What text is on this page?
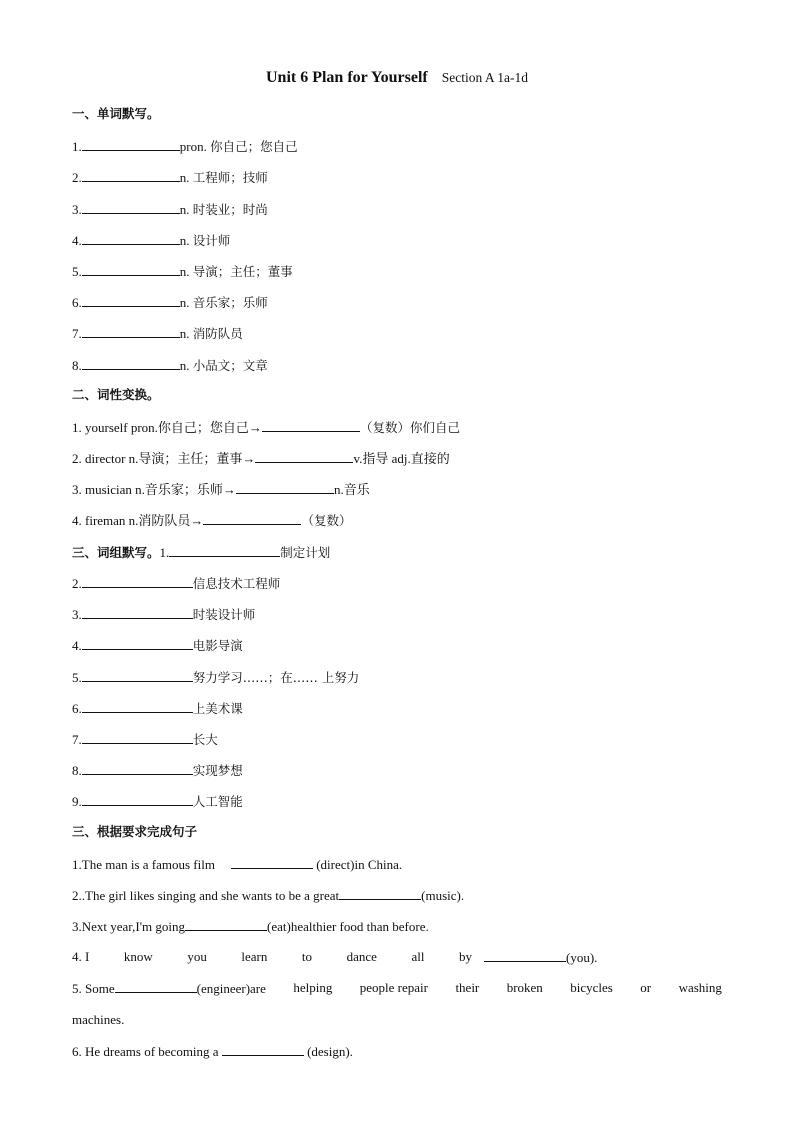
Unit 6 Plan for Yourself Section A 1a-1d
一、单词默写。
1.	pron. 你自己；您自己
2.	n. 工程师；技师
3.	n. 时装业；时尚
4.	n. 设计师
5.	n. 导演；主任；董事
6.	n. 音乐家；乐师
7.	n. 消防队员
8.	n. 小品文；文章
二、词性变换。
1. yourself pron.你自己；您自己→	（复数）你们自己
2. director n.导演；主任；董事→	v.指导 adj.直接的
3. musician n.音乐家；乐师→	n.音乐
4. fireman n.消防队员→	（复数）
三、词组默写。1.	制定计划
2.	信息技术工程师
3.	时装设计师
4.	电影导演
5.	努力学习……；在…… 上努力
6.	上美术课
7.	长大
8.	实现梦想
9.	人工智能
三、根据要求完成句子
1.The man is a famous film	(direct)in China.
2..The girl likes singing and she wants to be a great	(music).
3.Next year,I'm going	(eat)healthier food than before.
4. I	know	you	learn	to	dance	all	by	(you).
5. Some	(engineer)are helping people repair their broken bicycles or washing
machines.
6. He dreams of becoming a	(design).
